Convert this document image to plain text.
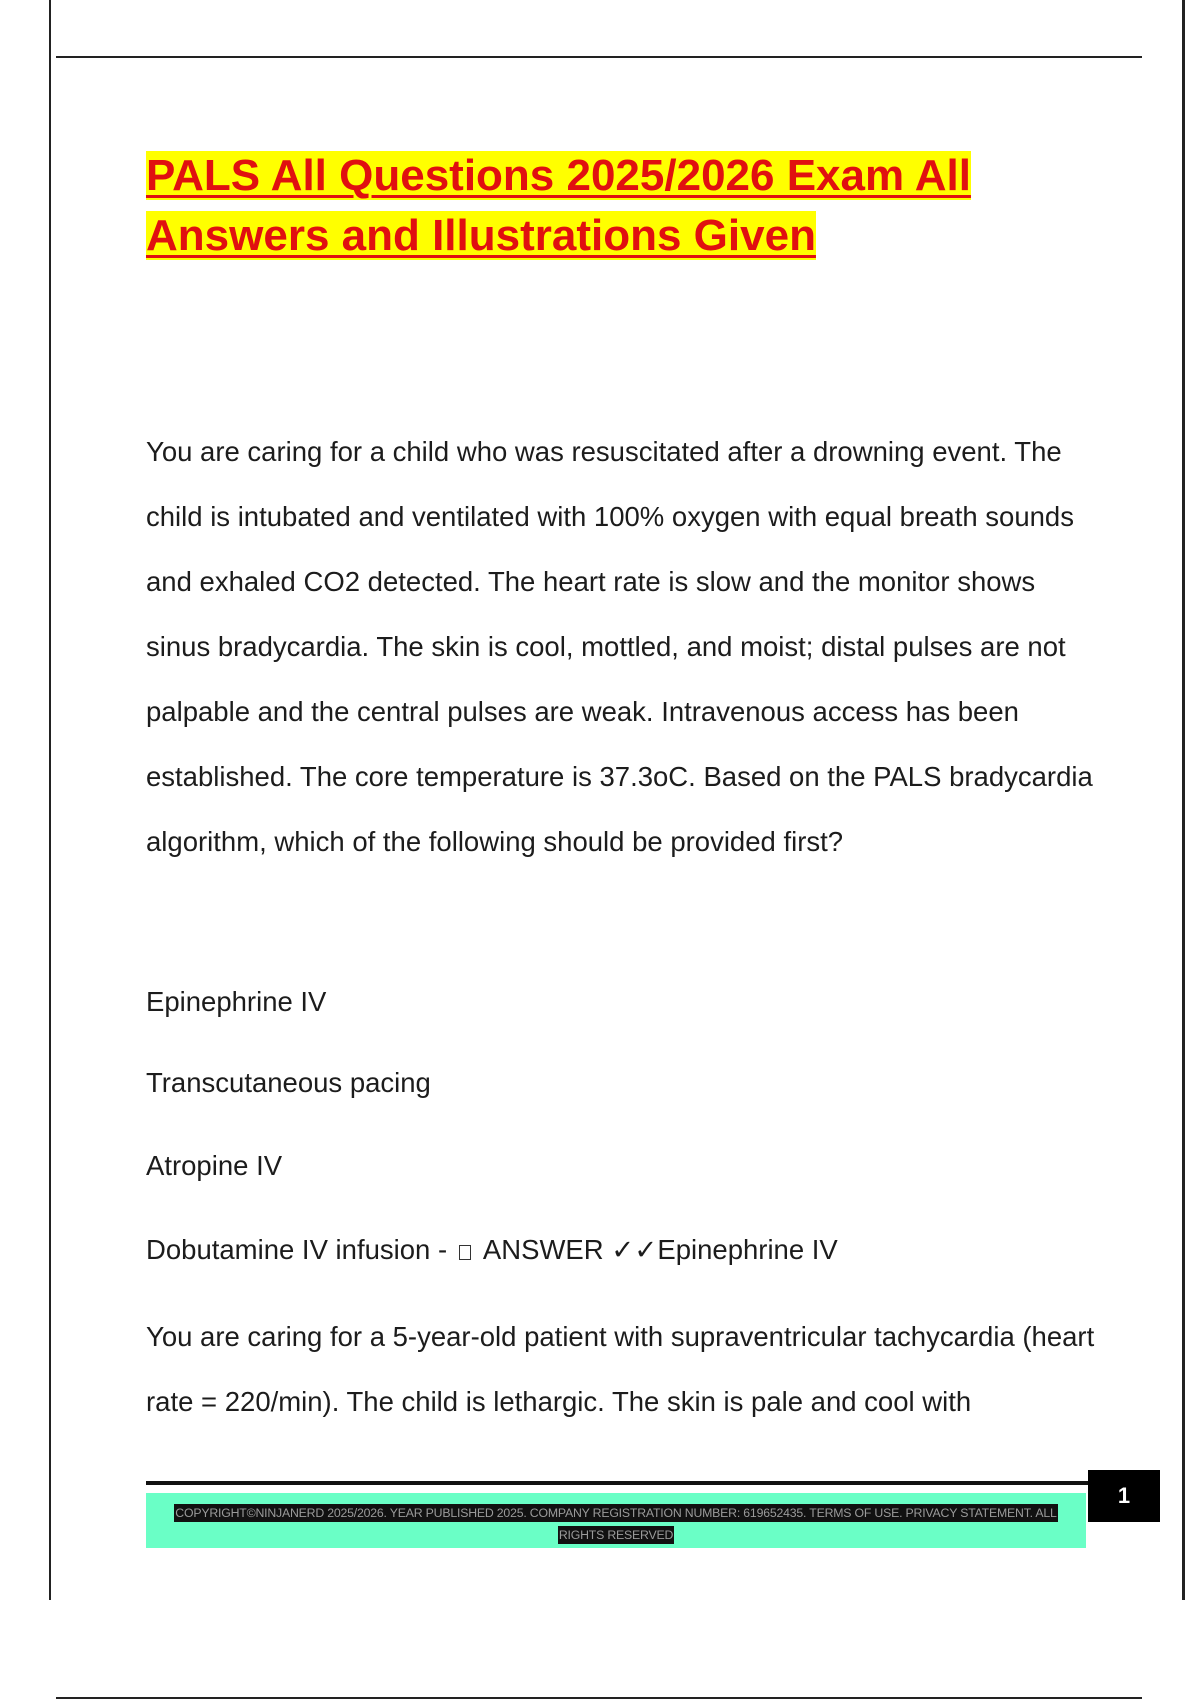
PALS All Questions 2025/2026 Exam All Answers and Illustrations Given

You are caring for a child who was resuscitated after a drowning event. The child is intubated and ventilated with 100% oxygen with equal breath sounds and exhaled CO2 detected. The heart rate is slow and the monitor shows sinus bradycardia. The skin is cool, mottled, and moist; distal pulses are not palpable and the central pulses are weak. Intravenous access has been established. The core temperature is 37.3oC. Based on the PALS bradycardia algorithm, which of the following should be provided first?

Epinephrine IV

Transcutaneous pacing

Atropine IV

Dobutamine IV infusion -  ANSWER ✓✓Epinephrine IV

You are caring for a 5-year-old patient with supraventricular tachycardia (heart rate = 220/min). The child is lethargic. The skin is pale and cool with

1
COPYRIGHT©NINJANERD 2025/2026. YEAR PUBLISHED 2025. COMPANY REGISTRATION NUMBER: 619652435. TERMS OF USE. PRIVACY STATEMENT. ALL RIGHTS RESERVED
